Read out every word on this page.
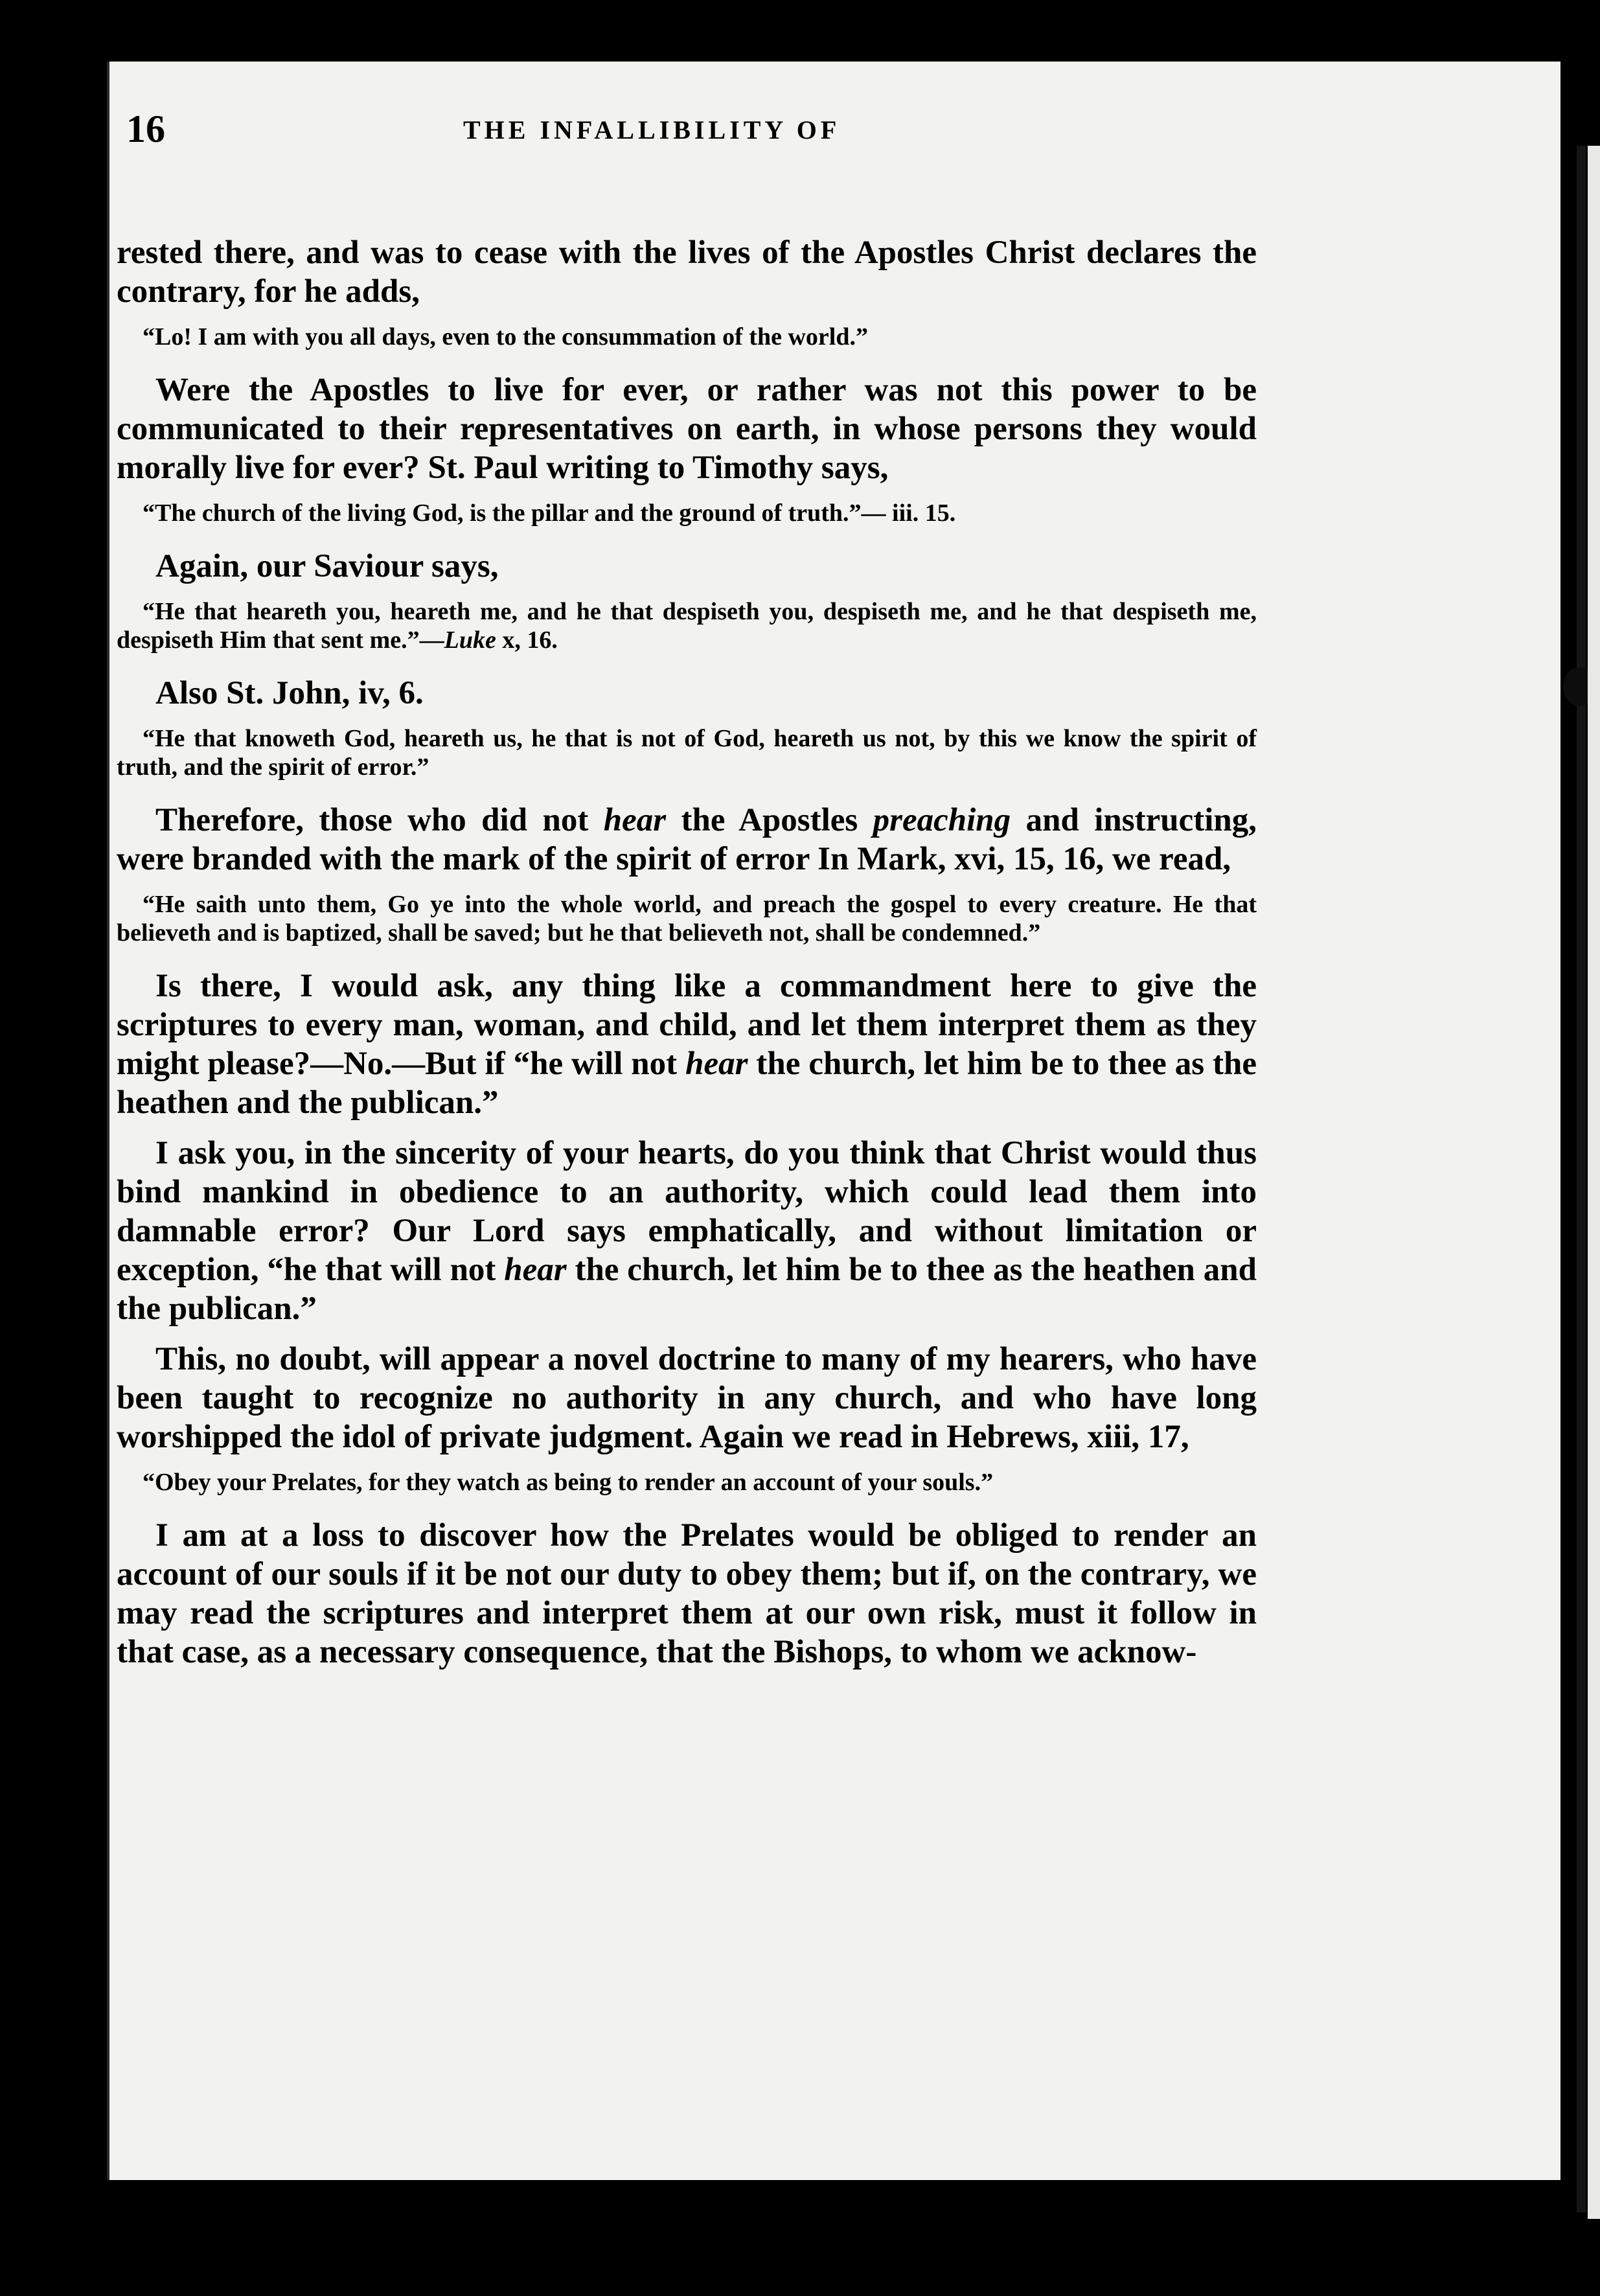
16	THE INFALLIBILITY OF

rested there, and was to cease with the lives of the Apostles Christ declares the contrary, for he adds,

“Lo! I am with you all days, even to the consummation of the world.”

Were the Apostles to live for ever, or rather was not this power to be communicated to their representatives on earth, in whose persons they would morally live for ever? St. Paul writing to Timothy says,

“The church of the living God, is the pillar and the ground of truth.”— iii. 15.

Again, our Saviour says,

“He that heareth you, heareth me, and he that despiseth you, despiseth me, and he that despiseth me, despiseth Him that sent me.”—Luke x, 16.

Also St. John, iv, 6.

“He that knoweth God, heareth us, he that is not of God, heareth us not, by this we know the spirit of truth, and the spirit of error.”

Therefore, those who did not hear the Apostles preaching and instructing, were branded with the mark of the spirit of error In Mark, xvi, 15, 16, we read,

“He saith unto them, Go ye into the whole world, and preach the gospel to every creature. He that believeth and is baptized, shall be saved; but he that believeth not, shall be condemned.”

Is there, I would ask, any thing like a commandment here to give the scriptures to every man, woman, and child, and let them interpret them as they might please?—No.—But if “he will not hear the church, let him be to thee as the heathen and the publican.”

I ask you, in the sincerity of your hearts, do you think that Christ would thus bind mankind in obedience to an authority, which could lead them into damnable error? Our Lord says emphatically, and without limitation or exception, “he that will not hear the church, let him be to thee as the heathen and the publican.”

This, no doubt, will appear a novel doctrine to many of my hearers, who have been taught to recognize no authority in any church, and who have long worshipped the idol of private judgment. Again we read in Hebrews, xiii, 17,

“Obey your Prelates, for they watch as being to render an account of your souls.”

I am at a loss to discover how the Prelates would be obliged to render an account of our souls if it be not our duty to obey them; but if, on the contrary, we may read the scriptures and interpret them at our own risk, must it follow in that case, as a necessary consequence, that the Bishops, to whom we acknow-
